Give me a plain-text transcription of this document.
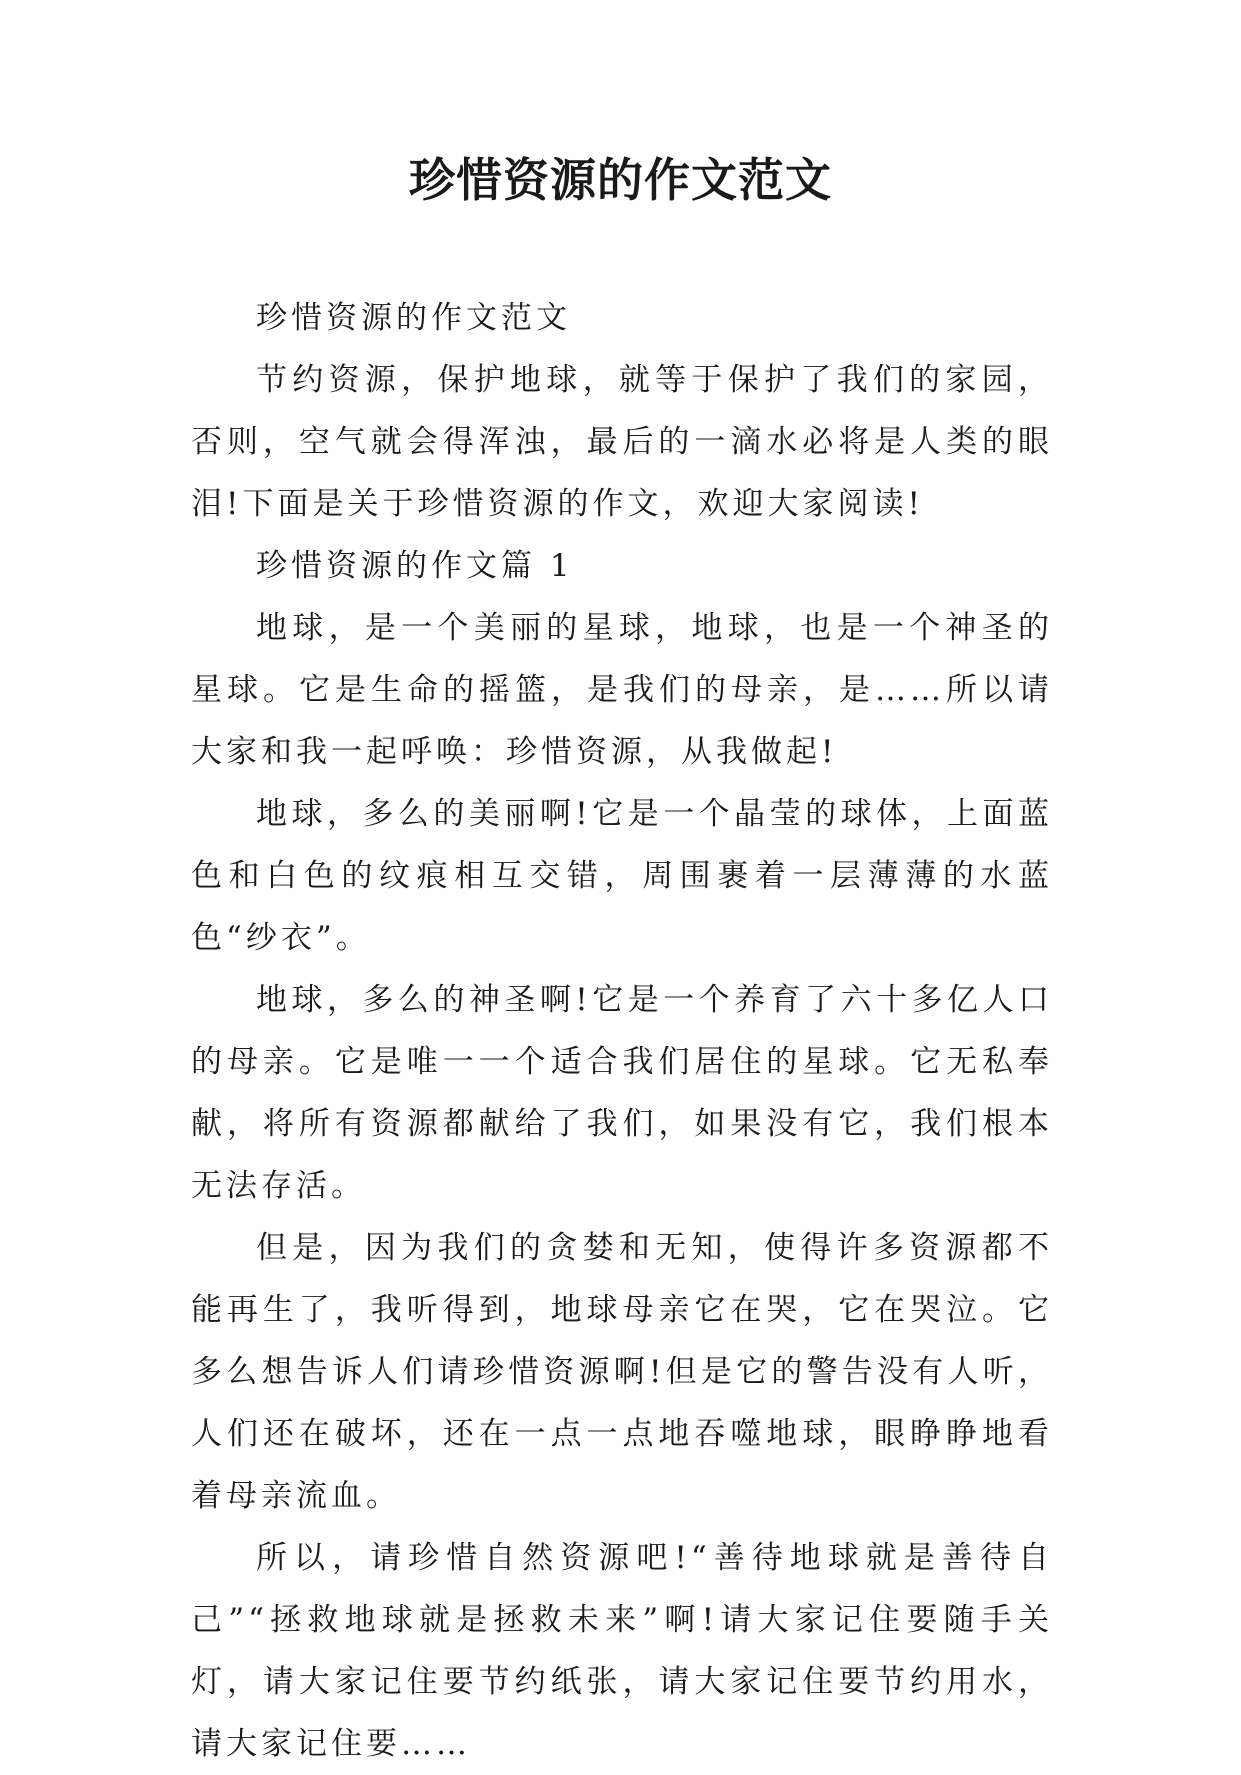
珍惜资源的作文范文

珍惜资源的作文范文

节约资源，保护地球，就等于保护了我们的家园，否则，空气就会得浑浊，最后的一滴水必将是人类的眼泪!下面是关于珍惜资源的作文，欢迎大家阅读!

珍惜资源的作文篇 1

地球，是一个美丽的星球，地球，也是一个神圣的星球。它是生命的摇篮，是我们的母亲，是……所以请大家和我一起呼唤：珍惜资源，从我做起!

地球，多么的美丽啊!它是一个晶莹的球体，上面蓝色和白色的纹痕相互交错，周围裹着一层薄薄的水蓝色“纱衣”。

地球，多么的神圣啊!它是一个养育了六十多亿人口的母亲。它是唯一一个适合我们居住的星球。它无私奉献，将所有资源都献给了我们，如果没有它，我们根本无法存活。

但是，因为我们的贪婪和无知，使得许多资源都不能再生了，我听得到，地球母亲它在哭，它在哭泣。它多么想告诉人们请珍惜资源啊!但是它的警告没有人听，人们还在破坏，还在一点一点地吞噬地球，眼睁睁地看着母亲流血。

所以，请珍惜自然资源吧!“善待地球就是善待自己”“拯救地球就是拯救未来”啊!请大家记住要随手关灯，请大家记住要节约纸张，请大家记住要节约用水，请大家记住要……
